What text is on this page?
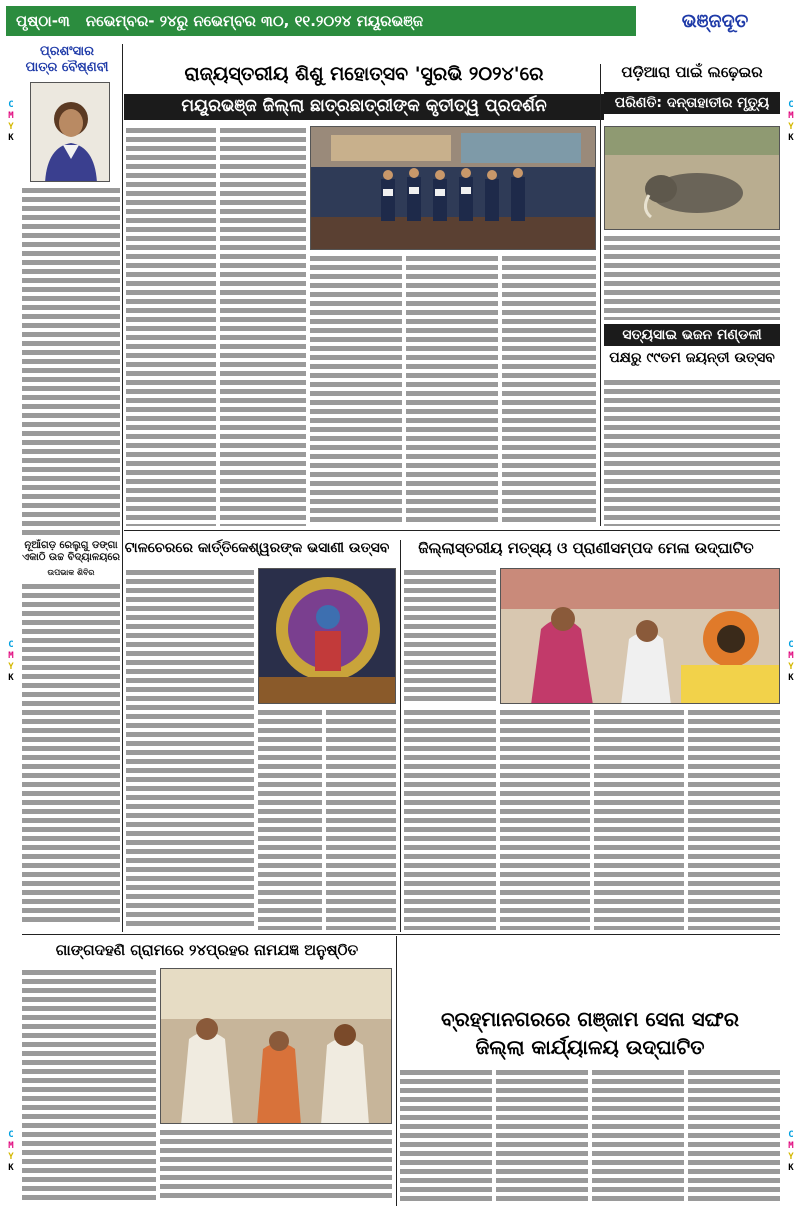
ପୃଷ୍ଠା-୩ ନଭେମ୍ବର- ୨୪ରୁ ନଭେମ୍ବର ୩୦, ୧୧.୨୦୨୪ ମୟୂରଭଞ୍ଜ	ଭଞ୍ଜଦୂତ
C
M
Y
K
C
M
Y
K
C
M
Y
K
C
M
Y
K
C
M
Y
K
C
M
Y
K
ପ୍ରଶଂସାର ପାତ୍ର ବୈଷ୍ଣବୀ
ନୂଆଁଗଡ଼ ରେଲୁଗୁ ଡଙ୍ଗା ଏକାଠି ଉଚ୍ଚ ବିଦ୍ୟାଳୟରେ
ଉପଭାକ ଶିବିର
ରାଜ୍ୟସ୍ତରୀୟ ଶିଶୁ ମହୋତ୍ସବ 'ସୁରଭି ୨୦୨୪'ରେ
ମୟୂରଭଞ୍ଜ ଜିଲ୍ଲା ଛାତ୍ରଛାତ୍ରୀଙ୍କ କୃତୀତ୍ୱ ପ୍ରଦର୍ଶନ
ପଡ଼ିଆରା ପାଇଁ ଲଢ଼େଇର
ପରିଣତି: ଦନ୍ତାହାତୀର ମୃତ୍ୟୁ
ସତ୍ୟସାଇ ଭଜନ ମଣ୍ଡଳୀ
ପକ୍ଷରୁ ୯୯ତମ ଜୟନ୍ତୀ ଉତ୍ସବ
ଟାଳଚେରରେ କାର୍ତ୍ତିକେଶ୍ୱରଙ୍କ ଭସାଣୀ ଉତ୍ସବ	ଜିଲ୍ଲାସ୍ତରୀୟ ମତ୍ସ୍ୟ ଓ ପ୍ରାଣୀସମ୍ପଦ ମେଳା ଉଦ୍‌ଘାଟିତ
ଗାଙ୍ଗଦହଣି ଗ୍ରାମରେ ୨୪ପ୍ରହର ନାମଯଜ୍ଞ ଅନୁଷ୍ଠିତ
ବ୍ରହ୍ମାନଗରରେ ଗଞ୍ଜାମ ସେନା ସଙ୍ଘର
ଜିଲ୍ଲା କାର୍ଯ୍ୟାଳୟ ଉଦ୍‌ଘାଟିତ
